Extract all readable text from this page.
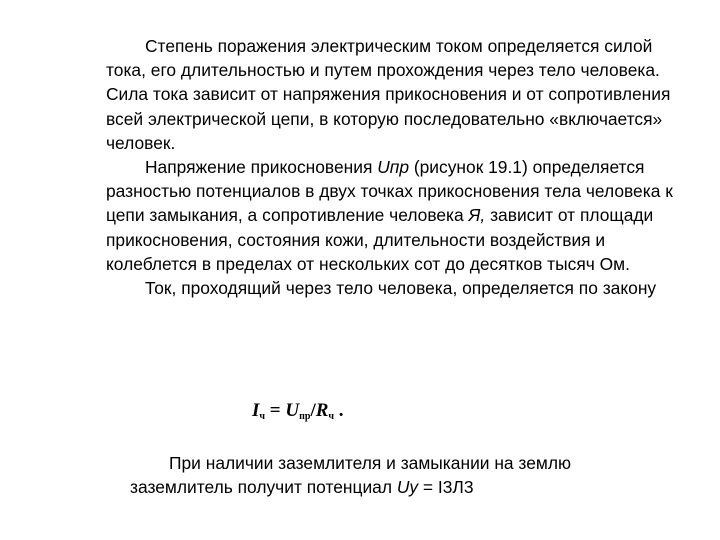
Степень поражения электрическим током определяется силой тока, его длительностью и путем прохождения через тело человека. Сила тока зависит от напряжения прикосновения и от сопротивления всей электрической цепи, в которую последовательно «включается» человек.

Напряжение прикосновения Uпр (рисунок 19.1) определяется разностью потенциалов в двух точках прикосновения тела человека к цепи замыкания, а сопротивление человека Я, зависит от площади прикосновения, состояния кожи, длительности воздействия и колеблется в пределах от нескольких сот до десятков тысяч Ом.

Ток, проходящий через тело человека, определяется по закону

$I_ч = U_{пр}/R_ч$ .

При наличии заземлителя и замыкании на землю заземлитель получит потенциал Uу = I3Л3
